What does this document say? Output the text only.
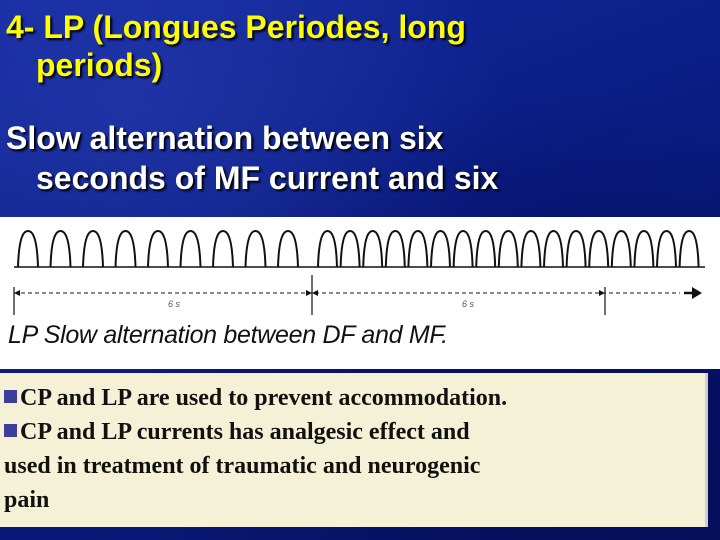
4- LP (Longues Periodes, long
periods)
Slow alternation between six
seconds of MF current and six
6 s	6 s
LP Slow alternation between DF and MF.
CP and LP are used to prevent accommodation.
CP and LP currents has analgesic effect and
used in treatment of traumatic and neurogenic
pain
